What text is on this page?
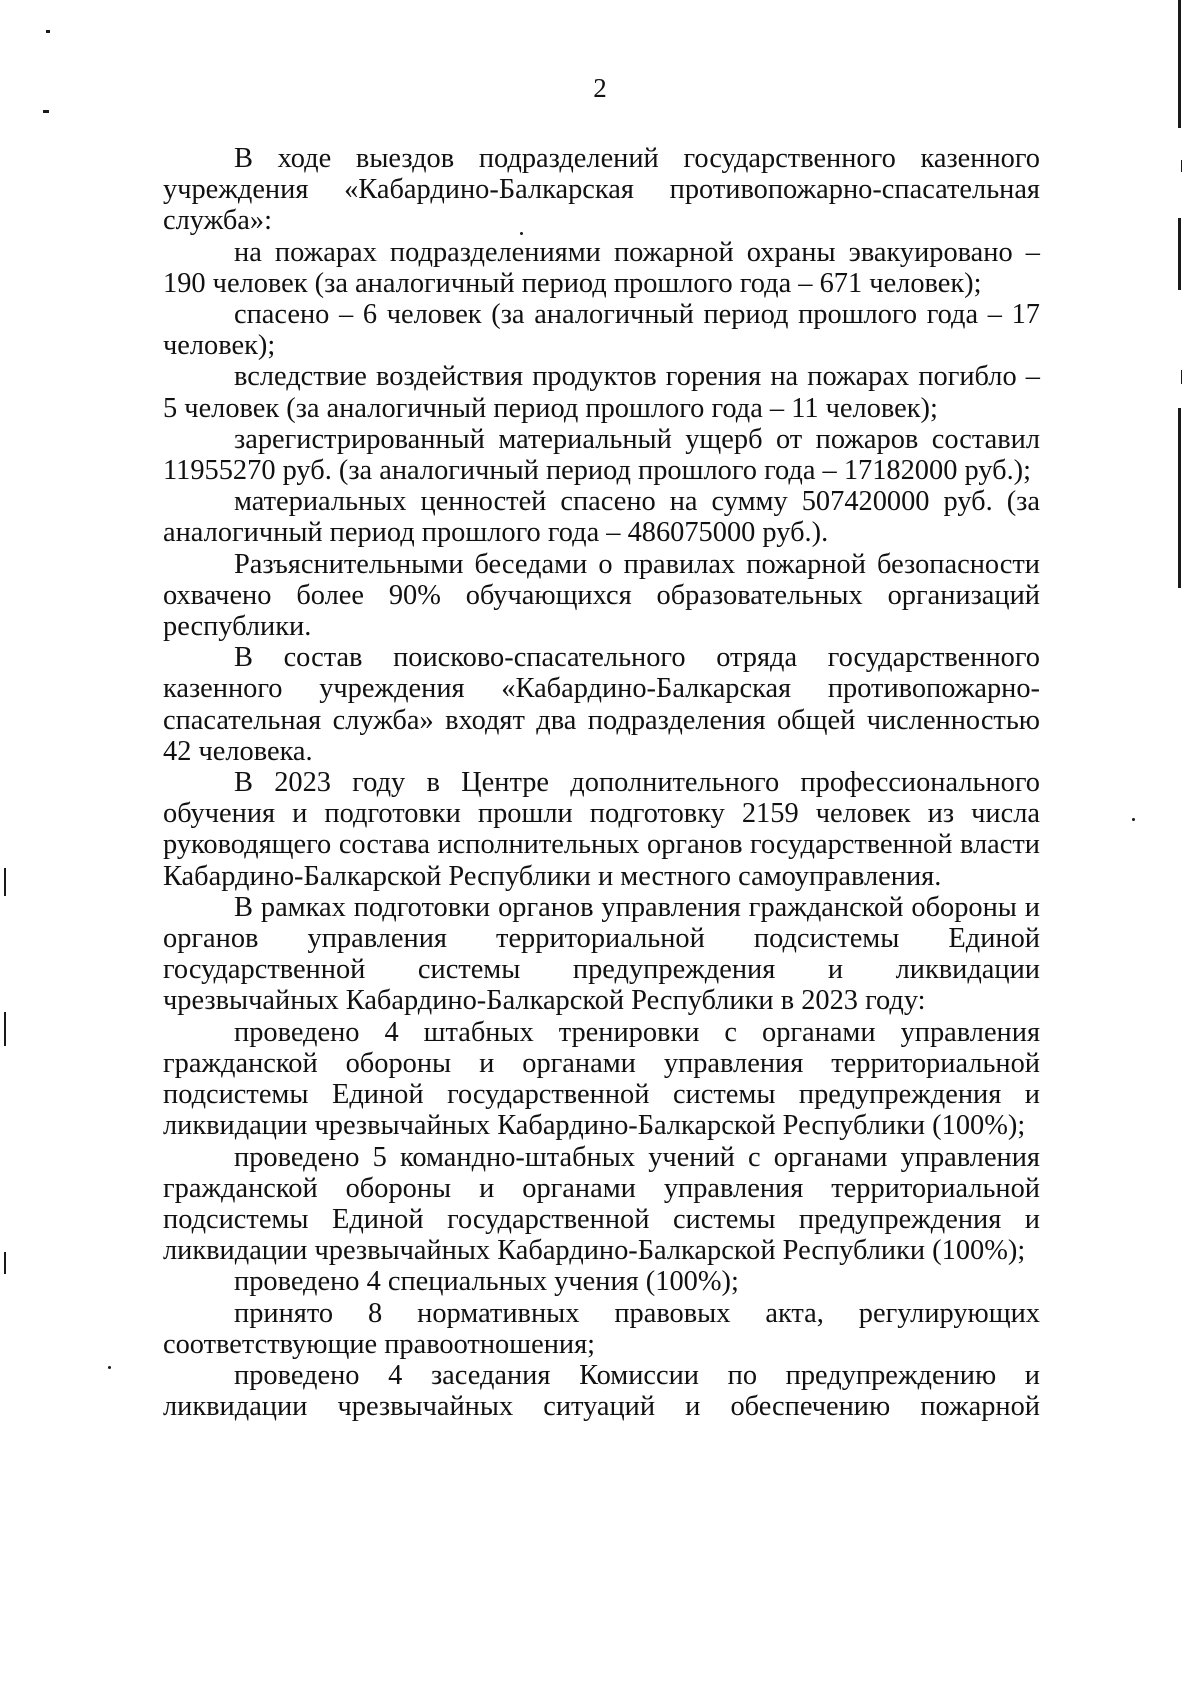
2

В ходе выездов подразделений государственного казенного учреждения «Кабардино-Балкарская противопожарно-спасательная служба»:

на пожарах подразделениями пожарной охраны эвакуировано – 190 человек (за аналогичный период прошлого года – 671 человек);

спасено – 6 человек (за аналогичный период прошлого года – 17 человек);

вследствие воздействия продуктов горения на пожарах погибло – 5 человек (за аналогичный период прошлого года – 11 человек);

зарегистрированный материальный ущерб от пожаров составил 11955270 руб. (за аналогичный период прошлого года – 17182000 руб.);

материальных ценностей спасено на сумму 507420000 руб. (за аналогичный период прошлого года – 486075000 руб.).

Разъяснительными беседами о правилах пожарной безопасности охвачено более 90% обучающихся образовательных организаций республики.

В состав поисково-спасательного отряда государственного казенного учреждения «Кабардино-Балкарская противопожарно-спасательная служба» входят два подразделения общей численностью 42 человека.

В 2023 году в Центре дополнительного профессионального обучения и подготовки прошли подготовку 2159 человек из числа руководящего состава исполнительных органов государственной власти Кабардино-Балкарской Республики и местного самоуправления.

В рамках подготовки органов управления гражданской обороны и органов управления территориальной подсистемы Единой государственной системы предупреждения и ликвидации чрезвычайных Кабардино-Балкарской Республики в 2023 году:

проведено 4 штабных тренировки с органами управления гражданской обороны и органами управления территориальной подсистемы Единой государственной системы предупреждения и ликвидации чрезвычайных Кабардино-Балкарской Республики (100%);

проведено 5 командно-штабных учений с органами управления гражданской обороны и органами управления территориальной подсистемы Единой государственной системы предупреждения и ликвидации чрезвычайных Кабардино-Балкарской Республики (100%);

проведено 4 специальных учения (100%);

принято 8 нормативных правовых акта, регулирующих соответствующие правоотношения;

проведено 4 заседания Комиссии по предупреждению и ликвидации чрезвычайных ситуаций и обеспечению пожарной
